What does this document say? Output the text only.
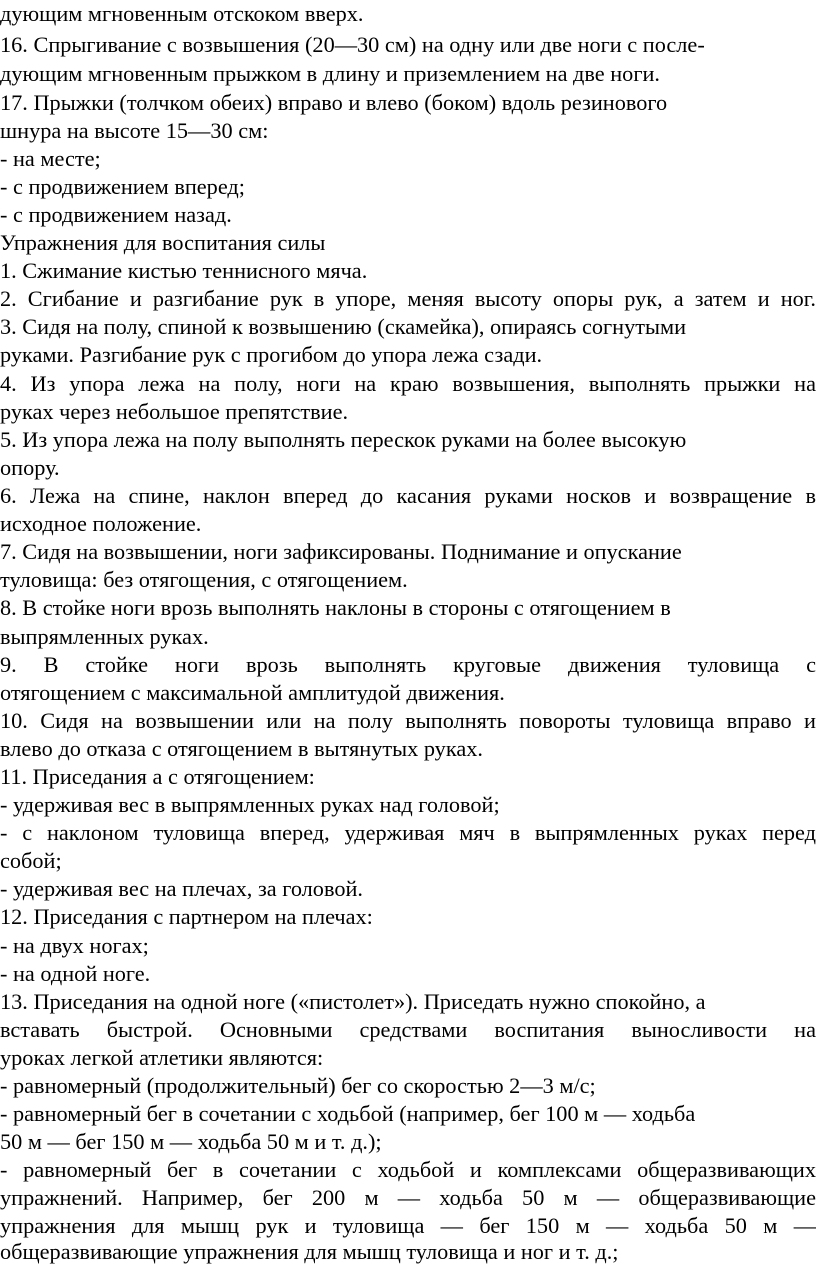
дующим мгновенным отскоком вверх.
16. Спрыгивание с возвышения (20—30 см) на одну или две ноги с после-
дующим мгновенным прыжком в длину и приземлением на две ноги.
17. Прыжки (толчком обеих) вправо и влево (боком) вдоль резинового
шнура на высоте 15—30 см:
- на месте;
- с продвижением вперед;
- с продвижением назад.
Упражнения для воспитания силы
1. Сжимание кистью теннисного мяча.
2. Сгибание и разгибание рук в упоре, меняя высоту опоры рук, а затем и ног.
3. Сидя на полу, спиной к возвышению (скамейка), опираясь согнутыми
руками. Разгибание рук с прогибом до упора лежа сзади.
4. Из упора лежа на полу, ноги на краю возвышения, выполнять прыжки на
руках через небольшое препятствие.
5. Из упора лежа на полу выполнять перескок руками на более высокую
опору.
6. Лежа на спине, наклон вперед до касания руками носков и возвращение в
исходное положение.
7. Сидя на возвышении, ноги зафиксированы. Поднимание и опускание
туловища: без отягощения, с отягощением.
8. В стойке ноги врозь выполнять наклоны в стороны с отягощением в
выпрямленных руках.
9. В стойке ноги врозь выполнять круговые движения туловища с
отягощением с максимальной амплитудой движения.
10. Сидя на возвышении или на полу выполнять повороты туловища вправо и
влево до отказа с отягощением в вытянутых руках.
11. Приседания а с отягощением:
- удерживая вес в выпрямленных руках над головой;
- с наклоном туловища вперед, удерживая мяч в выпрямленных руках перед
собой;
- удерживая вес на плечах, за головой.
12. Приседания с партнером на плечах:
- на двух ногах;
- на одной ноге.
13. Приседания на одной ноге («пистолет»). Приседать нужно спокойно, а
вставать быстрой. Основными средствами воспитания выносливости на
уроках легкой атлетики являются:
- равномерный (продолжительный) бег со скоростью 2—3 м/с;
- равномерный бег в сочетании с ходьбой (например, бег 100 м — ходьба
50 м — бег 150 м — ходьба 50 м и т. д.);
- равномерный бег в сочетании с ходьбой и комплексами общеразвивающих
упражнений. Например, бег 200 м — ходьба 50 м — общеразвивающие
упражнения для мышц рук и туловища — бег 150 м — ходьба 50 м —
общеразвивающие упражнения для мышц туловища и ног и т. д.;
